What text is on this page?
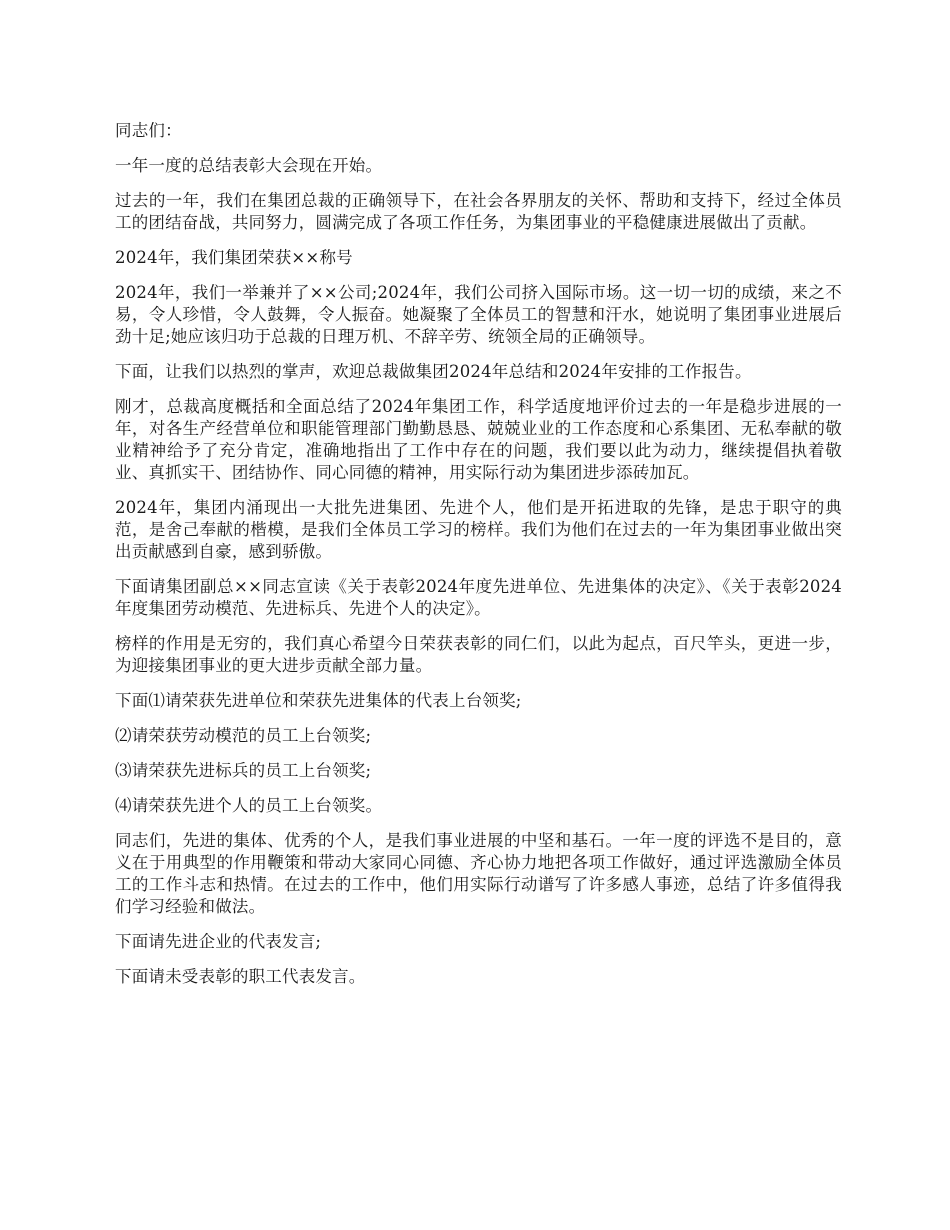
同志们：

一年一度的总结表彰大会现在开始。

过去的一年，我们在集团总裁的正确领导下，在社会各界朋友的关怀、帮助和支持下，经过全体员工的团结奋战，共同努力，圆满完成了各项工作任务，为集团事业的平稳健康进展做出了贡献。

2024年，我们集团荣获××称号

2024年，我们一举兼并了××公司;2024年，我们公司挤入国际市场。这一切一切的成绩，来之不易，令人珍惜，令人鼓舞，令人振奋。她凝聚了全体员工的智慧和汗水，她说明了集团事业进展后劲十足;她应该归功于总裁的日理万机、不辞辛劳、统领全局的正确领导。

下面，让我们以热烈的掌声，欢迎总裁做集团2024年总结和2024年安排的工作报告。

刚才，总裁高度概括和全面总结了2024年集团工作，科学适度地评价过去的一年是稳步进展的一年，对各生产经营单位和职能管理部门勤勤恳恳、兢兢业业的工作态度和心系集团、无私奉献的敬业精神给予了充分肯定，准确地指出了工作中存在的问题，我们要以此为动力，继续提倡执着敬业、真抓实干、团结协作、同心同德的精神，用实际行动为集团进步添砖加瓦。

2024年，集团内涌现出一大批先进集团、先进个人，他们是开拓进取的先锋，是忠于职守的典范，是舍己奉献的楷模，是我们全体员工学习的榜样。我们为他们在过去的一年为集团事业做出突出贡献感到自豪，感到骄傲。

下面请集团副总××同志宣读《关于表彰2024年度先进单位、先进集体的决定》、《关于表彰2024年度集团劳动模范、先进标兵、先进个人的决定》。

榜样的作用是无穷的，我们真心希望今日荣获表彰的同仁们，以此为起点，百尺竿头，更进一步，为迎接集团事业的更大进步贡献全部力量。

下面⑴请荣获先进单位和荣获先进集体的代表上台领奖;

⑵请荣获劳动模范的员工上台领奖;

⑶请荣获先进标兵的员工上台领奖;

⑷请荣获先进个人的员工上台领奖。

同志们，先进的集体、优秀的个人，是我们事业进展的中坚和基石。一年一度的评选不是目的，意义在于用典型的作用鞭策和带动大家同心同德、齐心协力地把各项工作做好，通过评选激励全体员工的工作斗志和热情。在过去的工作中，他们用实际行动谱写了许多感人事迹，总结了许多值得我们学习经验和做法。

下面请先进企业的代表发言;

下面请未受表彰的职工代表发言。
